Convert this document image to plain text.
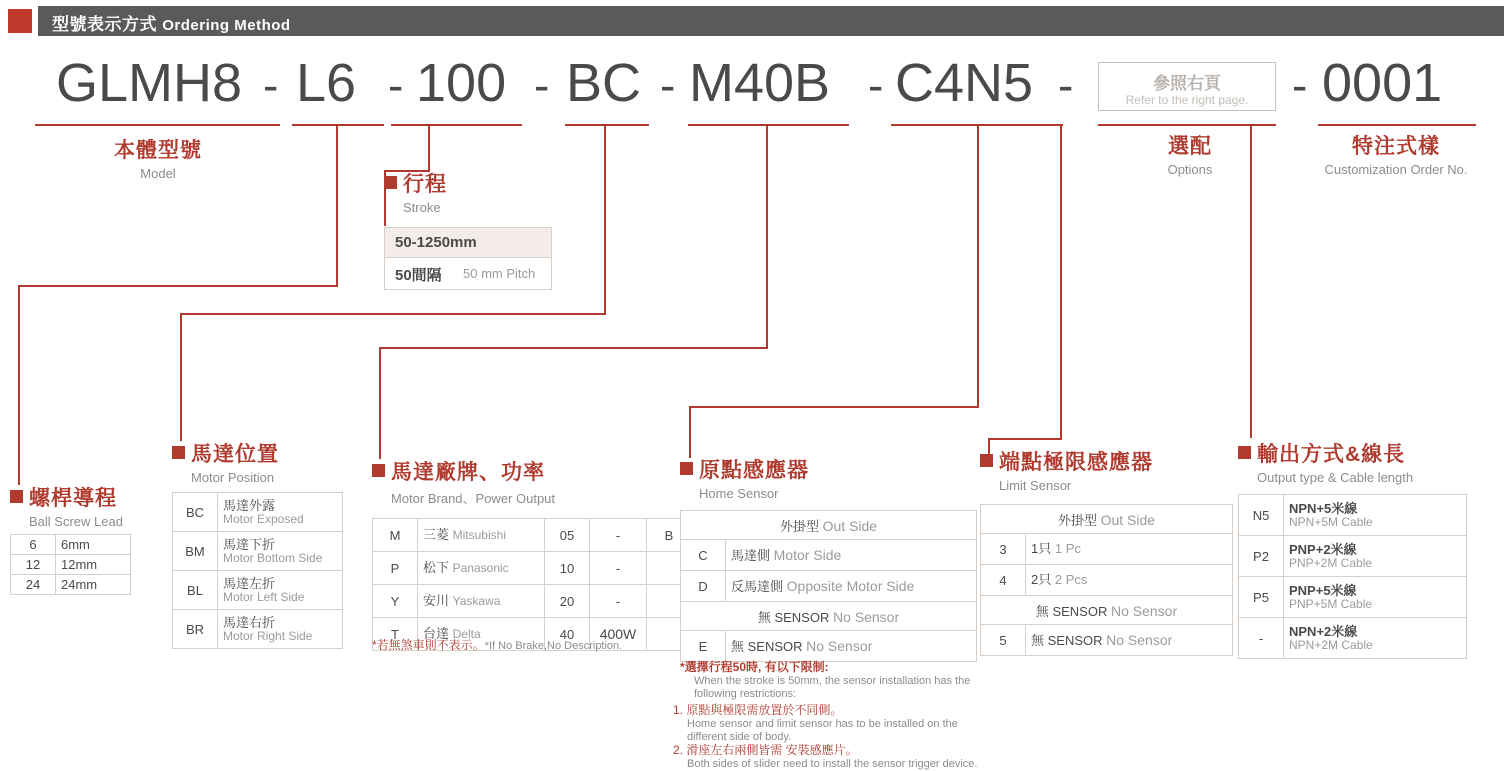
型號表示方式 Ordering Method
GLMH8 - L6 - 100 - BC - M40B - C4N5 -	參照右頁
Refer to the right page. - 0001
本體型號
Model
選配
Options
特注式樣
Customization Order No.
行程
Stroke
50-1250mm
50間隔 50 mm Pitch
螺桿導程
Ball Screw Lead
6	6mm
12	12mm
24	24mm
馬達位置
Motor Position
BC	馬達外露
Motor Exposed

BM	馬達下折
Motor Bottom Side

BL	馬達左折
Motor Left Side

BR	馬達右折
Motor Right Side
馬達廠牌、功率
Motor Brand、Power Output
M	三菱 Mitsubishi	05	-	B
P	松下 Panasonic	10	-	
Y	安川 Yaskawa	20	-	
T	台達 Delta	40	400W	
*若無煞車則不表示。*If No Brake,No Description.
原點感應器
Home Sensor
外掛型 Out Side	
C	馬達側 Motor Side
D	反馬達側 Opposite Motor Side
無 SENSOR No Sensor	
E	無 SENSOR No Sensor
*選擇行程50時, 有以下限制:
When the stroke is 50mm, the sensor installation has the following restrictions:
1. 原點與極限需放置於不同側。
Home sensor and limit sensor has to be installed on the different side of body.
2. 滑座左右兩側皆需 安裝感應片。
Both sides of slider need to install the sensor trigger device.
端點極限感應器
Limit Sensor
外掛型 Out Side	
3	1只 1 Pc
4	2只 2 Pcs
無 SENSOR No Sensor	
5	無 SENSOR No Sensor
輸出方式&線長
Output type & Cable length
N5	NPN+5米線
NPN+5M Cable

P2	PNP+2米線
PNP+2M Cable

P5	PNP+5米線
PNP+5M Cable

-	NPN+2米線
NPN+2M Cable
